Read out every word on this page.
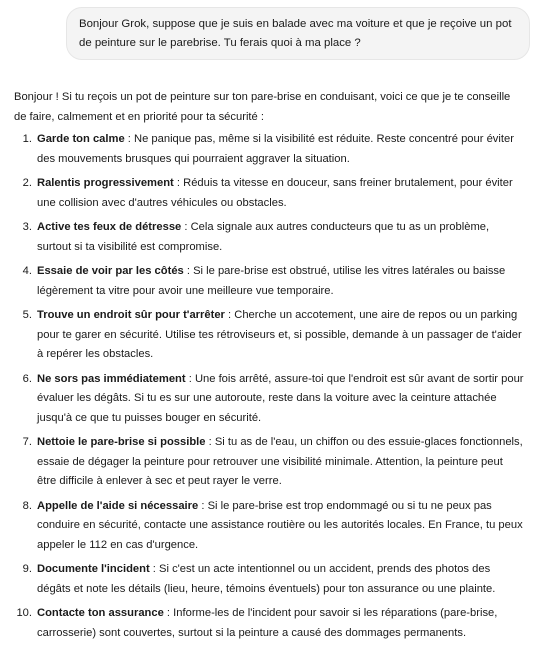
Bonjour Grok, suppose que je suis en balade avec ma voiture et que je reçoive un pot de peinture sur le parebrise. Tu ferais quoi à ma place ?

Bonjour ! Si tu reçois un pot de peinture sur ton pare-brise en conduisant, voici ce que je te conseille de faire, calmement et en priorité pour ta sécurité :

1. Garde ton calme : Ne panique pas, même si la visibilité est réduite. Reste concentré pour éviter des mouvements brusques qui pourraient aggraver la situation.
2. Ralentis progressivement : Réduis ta vitesse en douceur, sans freiner brutalement, pour éviter une collision avec d'autres véhicules ou obstacles.
3. Active tes feux de détresse : Cela signale aux autres conducteurs que tu as un problème, surtout si ta visibilité est compromise.
4. Essaie de voir par les côtés : Si le pare-brise est obstrué, utilise les vitres latérales ou baisse légèrement ta vitre pour avoir une meilleure vue temporaire.
5. Trouve un endroit sûr pour t'arrêter : Cherche un accotement, une aire de repos ou un parking pour te garer en sécurité. Utilise tes rétroviseurs et, si possible, demande à un passager de t'aider à repérer les obstacles.
6. Ne sors pas immédiatement : Une fois arrêté, assure-toi que l'endroit est sûr avant de sortir pour évaluer les dégâts. Si tu es sur une autoroute, reste dans la voiture avec la ceinture attachée jusqu'à ce que tu puisses bouger en sécurité.
7. Nettoie le pare-brise si possible : Si tu as de l'eau, un chiffon ou des essuie-glaces fonctionnels, essaie de dégager la peinture pour retrouver une visibilité minimale. Attention, la peinture peut être difficile à enlever à sec et peut rayer le verre.
8. Appelle de l'aide si nécessaire : Si le pare-brise est trop endommagé ou si tu ne peux pas conduire en sécurité, contacte une assistance routière ou les autorités locales. En France, tu peux appeler le 112 en cas d'urgence.
9. Documente l'incident : Si c'est un acte intentionnel ou un accident, prends des photos des dégâts et note les détails (lieu, heure, témoins éventuels) pour ton assurance ou une plainte.
10. Contacte ton assurance : Informe-les de l'incident pour savoir si les réparations (pare-brise, carrosserie) sont couvertes, surtout si la peinture a causé des dommages permanents.
